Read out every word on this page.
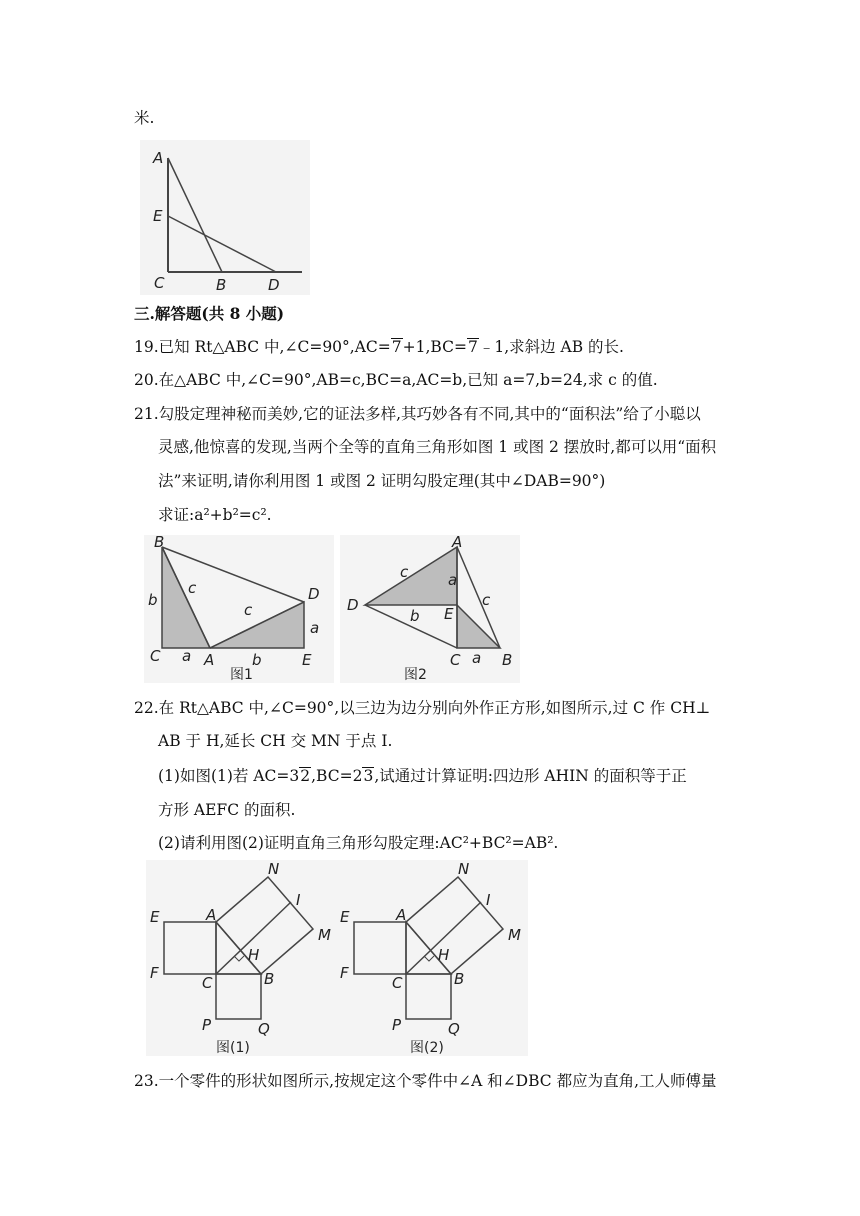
米.
A
E
C	B	D
三.解答题(共 8 小题)
19.已知 Rt△ABC 中,∠C=90°,AC=7+1,BC=7﹣1,求斜边 AB 的长.
20.在△ABC 中,∠C=90°,AB=c,BC=a,AC=b,已知 a=7,b=24,求 c 的值.
21.勾股定理神秘而美妙,它的证法多样,其巧妙各有不同,其中的“面积法”给了小聪以
灵感,他惊喜的发现,当两个全等的直角三角形如图 1 或图 2 摆放时,都可以用“面积
法”来证明,请你利用图 1 或图 2 证明勾股定理(其中∠DAB=90°)
求证:a²+b²=c².
B
b
c
c
D
a
C a A	b	E
图1
A
c	a
c
D	E
b
C a B
图2
22.在 Rt△ABC 中,∠C=90°,以三边为边分别向外作正方形,如图所示,过 C 作 CH⊥
AB 于 H,延长 CH 交 MN 于点 I.
(1)如图(1)若 AC=32,BC=23,试通过计算证明:四边形 AHIN 的面积等于正
方形 AEFC 的面积.
(2)请利用图(2)证明直角三角形勾股定理:AC²+BC²=AB².
N
E	A
I
M
H
F
C	B
P	Q
图(1)
N
E	A
I
M
H
F
C	B
P	Q
图(2)
23.一个零件的形状如图所示,按规定这个零件中∠A 和∠DBC 都应为直角,工人师傅量
